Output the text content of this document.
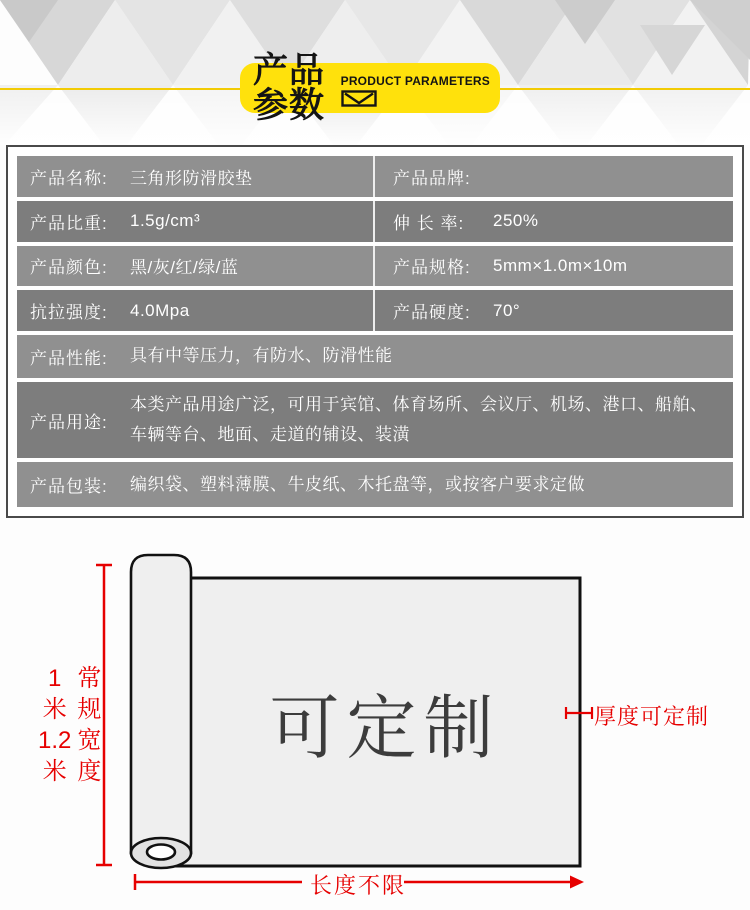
产品参数
PRODUCT PARAMETERS
产品名称:	三角形防滑胶垫	产品品牌:
产品比重:	1.5g/cm³	伸 长 率:	250%
产品颜色:	黑/灰/红/绿/蓝	产品规格:	5mm×1.0m×10m
抗拉强度:	4.0Mpa	产品硬度:	70°
产品性能:	具有中等压力，有防水、防滑性能
产品用途:
本类产品用途广泛，可用于宾馆、体育场所、会议厅、机场、港口、船舶、车辆等台、地面、走道的铺设、装潢
产品包装:	编织袋、塑料薄膜、牛皮纸、木托盘等，或按客户要求定做
可定制
1
米
1.2
米
常
规
宽
度
厚度可定制
长度不限
